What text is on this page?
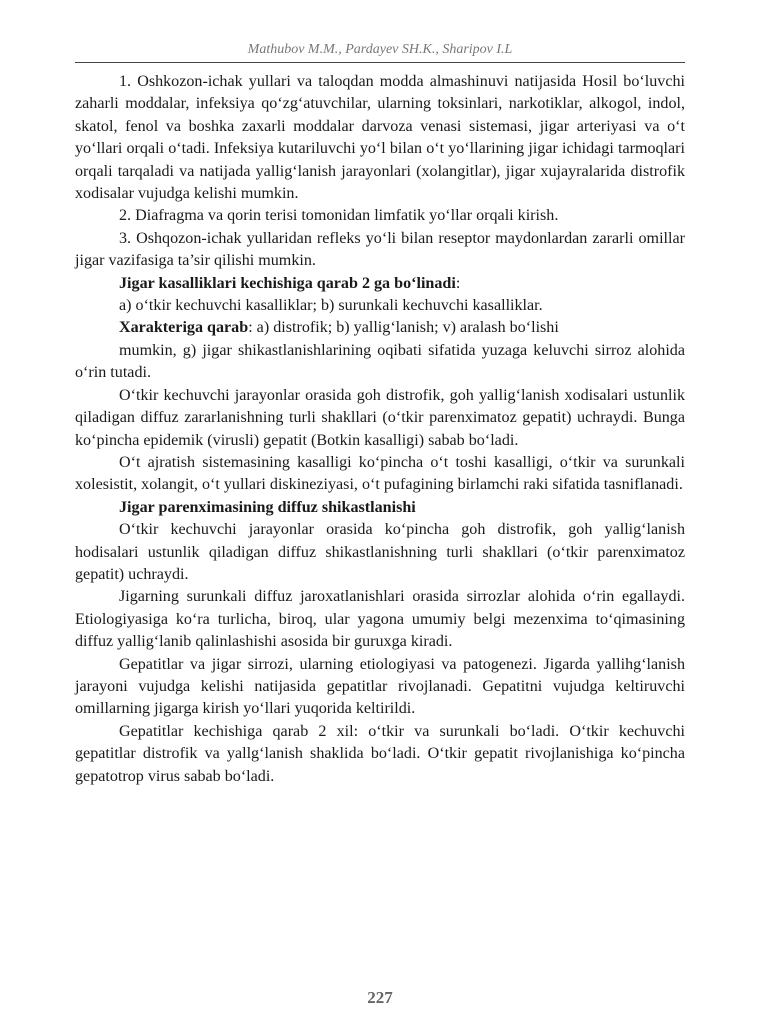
Mathubov M.M., Pardayev SH.K., Sharipov I.L

1. Oshkozon-ichak yullari va taloqdan modda almashinuvi natijasida Hosil bo‘luvchi zaharli moddalar, infeksiya qo‘zg‘atuvchilar, ularning toksinlari, narkotiklar, alkogol, indol, skatol, fenol va boshka zaxarli moddalar darvoza venasi sistemasi, jigar arteriyasi va o‘t yo‘llari orqali o‘tadi. Infeksiya kutariluvchi yo‘l bilan o‘t yo‘llarining jigar ichidagi tarmoqlari orqali tarqaladi va natijada yallig‘lanish jarayonlari (xolangitlar), jigar xujayralarida distrofik xodisalar vujudga kelishi mumkin.

2. Diafragma va qorin terisi tomonidan limfatik yo‘llar orqali kirish.

3. Oshqozon-ichak yullaridan refleks yo‘li bilan reseptor maydonlardan zararli omillar jigar vazifasiga ta’sir qilishi mumkin.

Jigar kasalliklari kechishiga qarab 2 ga bo‘linadi:

a) o‘tkir kechuvchi kasalliklar; b) surunkali kechuvchi kasalliklar.

Xarakteriga qarab: a) distrofik; b) yallig‘lanish; v) aralash bo‘lishi

mumkin, g) jigar shikastlanishlarining oqibati sifatida yuzaga keluvchi sirroz alohida o‘rin tutadi.

O‘tkir kechuvchi jarayonlar orasida goh distrofik, goh yallig‘lanish xodisalari ustunlik qiladigan diffuz zararlanishning turli shakllari (o‘tkir parenximatoz gepatit) uchraydi. Bunga ko‘pincha epidemik (virusli) gepatit (Botkin kasalligi) sabab bo‘ladi.

O‘t ajratish sistemasining kasalligi ko‘pincha o‘t toshi kasalligi, o‘tkir va surunkali xolesistit, xolangit, o‘t yullari diskineziyasi, o‘t pufagining birlamchi raki sifatida tasniflanadi.

Jigar parenximasining diffuz shikastlanishi

O‘tkir kechuvchi jarayonlar orasida ko‘pincha goh distrofik, goh yallig‘lanish hodisalari ustunlik qiladigan diffuz shikastlanishning turli shakllari (o‘tkir parenximatoz gepatit) uchraydi.

Jigarning surunkali diffuz jaroxatlanishlari orasida sirrozlar alohida o‘rin egallaydi. Etiologiyasiga ko‘ra turlicha, biroq, ular yagona umumiy belgi mezenxima to‘qimasining diffuz yallig‘lanib qalinlashishi asosida bir guruxga kiradi.

Gepatitlar va jigar sirrozi, ularning etiologiyasi va patogenezi. Jigarda yallihg‘lanish jarayoni vujudga kelishi natijasida gepatitlar rivojlanadi. Gepatitni vujudga keltiruvchi omillarning jigarga kirish yo‘llari yuqorida keltirildi.

Gepatitlar kechishiga qarab 2 xil: o‘tkir va surunkali bo‘ladi. O‘tkir kechuvchi gepatitlar distrofik va yallg‘lanish shaklida bo‘ladi. O‘tkir gepatit rivojlanishiga ko‘pincha gepatotrop virus sabab bo‘ladi.

227
